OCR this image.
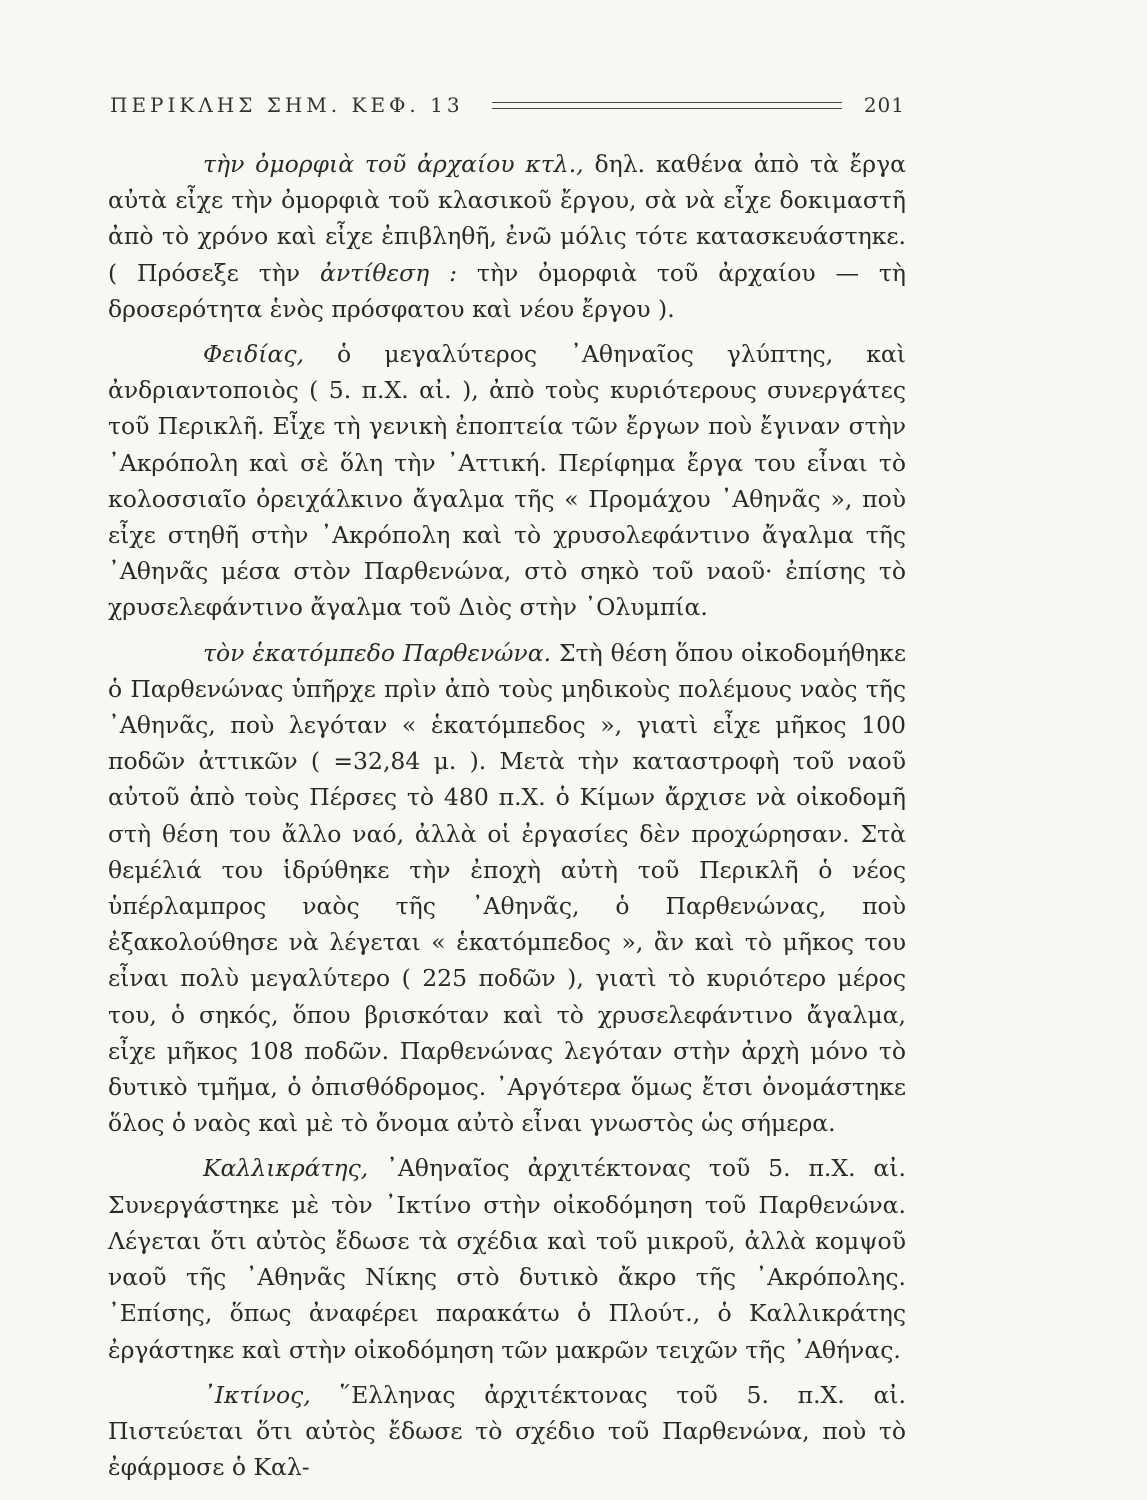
ΠΕΡΙΚΛΗΣ ΣΗΜ. ΚΕΦ. 13	201

τὴν ὀμορφιὰ τοῦ ἀρχαίου κτλ., δηλ. καθένα ἀπὸ τὰ ἔργα αὐτὰ εἶχε τὴν ὀμορφιὰ τοῦ κλασικοῦ ἔργου, σὰ νὰ εἶχε δοκιμαστῆ ἀπὸ τὸ χρόνο καὶ εἶχε ἐπιβληθῆ, ἐνῶ μόλις τότε κατασκευάστηκε. ( Πρόσεξε τὴν ἀντίθεση : τὴν ὀμορφιὰ τοῦ ἀρχαίου — τὴ δροσερότητα ἑνὸς πρόσφατου καὶ νέου ἔργου ).

Φειδίας, ὁ μεγαλύτερος ᾿Αθηναῖος γλύπτης, καὶ ἀνδριαντοποιὸς ( 5. π.Χ. αἰ. ), ἀπὸ τοὺς κυριότερους συνεργάτες τοῦ Περικλῆ. Εἶχε τὴ γενικὴ ἐποπτεία τῶν ἔργων ποὺ ἔγιναν στὴν ᾿Ακρόπολη καὶ σὲ ὅλη τὴν ᾿Αττική. Περίφημα ἔργα του εἶναι τὸ κολοσσιαῖο ὀρειχάλκινο ἄγαλμα τῆς « Προμάχου ᾿Αθηνᾶς », ποὺ εἶχε στηθῆ στὴν ᾿Ακρόπολη καὶ τὸ χρυσολεφάντινο ἄγαλμα τῆς ᾿Αθηνᾶς μέσα στὸν Παρθενώνα, στὸ σηκὸ τοῦ ναοῦ· ἐπίσης τὸ χρυσελεφάντινο ἄγαλμα τοῦ Διὸς στὴν ᾿Ολυμπία.

τὸν ἑκατόμπεδο Παρθενώνα. Στὴ θέση ὅπου οἰκοδομήθηκε ὁ Παρθενώνας ὑπῆρχε πρὶν ἀπὸ τοὺς μηδικοὺς πολέμους ναὸς τῆς ᾿Αθηνᾶς, ποὺ λεγόταν « ἑκατόμπεδος », γιατὶ εἶχε μῆκος 100 ποδῶν ἀττικῶν ( =32,84 μ. ). Μετὰ τὴν καταστροφὴ τοῦ ναοῦ αὐτοῦ ἀπὸ τοὺς Πέρσες τὸ 480 π.Χ. ὁ Κίμων ἄρχισε νὰ οἰκοδομῆ στὴ θέση του ἄλλο ναό, ἀλλὰ οἱ ἐργασίες δὲν προχώρησαν. Στὰ θεμέλιά του ἱδρύθηκε τὴν ἐποχὴ αὐτὴ τοῦ Περικλῆ ὁ νέος ὑπέρλαμπρος ναὸς τῆς ᾿Αθηνᾶς, ὁ Παρθενώνας, ποὺ ἐξακολούθησε νὰ λέγεται « ἑκατόμπεδος », ἂν καὶ τὸ μῆκος του εἶναι πολὺ μεγαλύτερο ( 225 ποδῶν ), γιατὶ τὸ κυριότερο μέρος του, ὁ σηκός, ὅπου βρισκόταν καὶ τὸ χρυσελεφάντινο ἄγαλμα, εἶχε μῆκος 108 ποδῶν. Παρθενώνας λεγόταν στὴν ἀρχὴ μόνο τὸ δυτικὸ τμῆμα, ὁ ὀπισθόδρομος. ᾿Αργότερα ὅμως ἔτσι ὀνομάστηκε ὅλος ὁ ναὸς καὶ μὲ τὸ ὄνομα αὐτὸ εἶναι γνωστὸς ὡς σήμερα.

Καλλικράτης, ᾿Αθηναῖος ἀρχιτέκτονας τοῦ 5. π.Χ. αἰ. Συνεργάστηκε μὲ τὸν ᾿Ικτίνο στὴν οἰκοδόμηση τοῦ Παρθενώνα. Λέγεται ὅτι αὐτὸς ἔδωσε τὰ σχέδια καὶ τοῦ μικροῦ, ἀλλὰ κομψοῦ ναοῦ τῆς ᾿Αθηνᾶς Νίκης στὸ δυτικὸ ἄκρο τῆς ᾿Ακρόπολης. ᾿Επίσης, ὅπως ἀναφέρει παρακάτω ὁ Πλούτ., ὁ Καλλικράτης ἐργάστηκε καὶ στὴν οἰκοδόμηση τῶν μακρῶν τειχῶν τῆς ᾿Αθήνας.

᾿Ικτίνος, ῞Ελληνας ἀρχιτέκτονας τοῦ 5. π.Χ. αἰ. Πιστεύεται ὅτι αὐτὸς ἔδωσε τὸ σχέδιο τοῦ Παρθενώνα, ποὺ τὸ ἐφάρμοσε ὁ Καλ-
